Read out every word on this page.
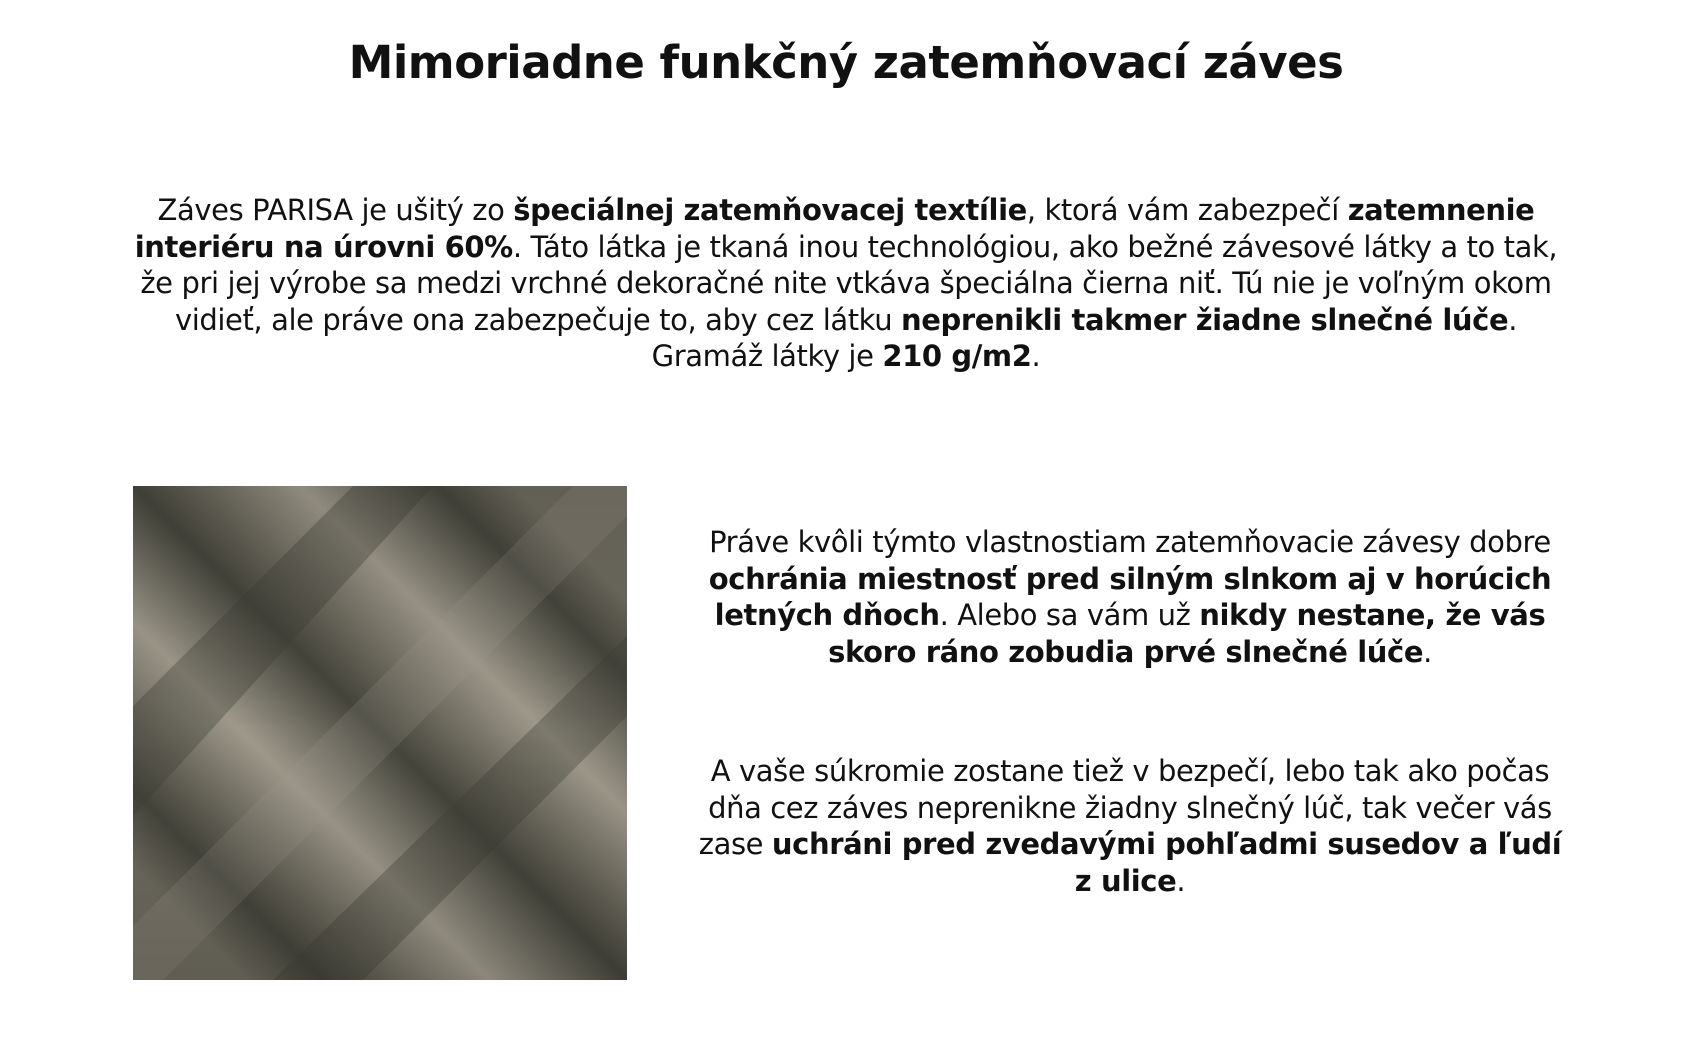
Mimoriadne funkčný zatemňovací záves

Záves PARISA je ušitý zo špeciálnej zatemňovacej textílie, ktorá vám zabezpečí zatemnenie interiéru na úrovni 60%. Táto látka je tkaná inou technológiou, ako bežné závesové látky a to tak, že pri jej výrobe sa medzi vrchné dekoračné nite vtkáva špeciálna čierna niť. Tú nie je voľným okom vidieť, ale práve ona zabezpečuje to, aby cez látku neprenikli takmer žiadne slnečné lúče. Gramáž látky je 210 g/m2.

Práve kvôli týmto vlastnostiam zatemňovacie závesy dobre ochránia miestnosť pred silným slnkom aj v horúcich letných dňoch. Alebo sa vám už nikdy nestane, že vás skoro ráno zobudia prvé slnečné lúče.

A vaše súkromie zostane tiež v bezpečí, lebo tak ako počas dňa cez záves neprenikne žiadny slnečný lúč, tak večer vás zase uchráni pred zvedavými pohľadmi susedov a ľudí z ulice.
